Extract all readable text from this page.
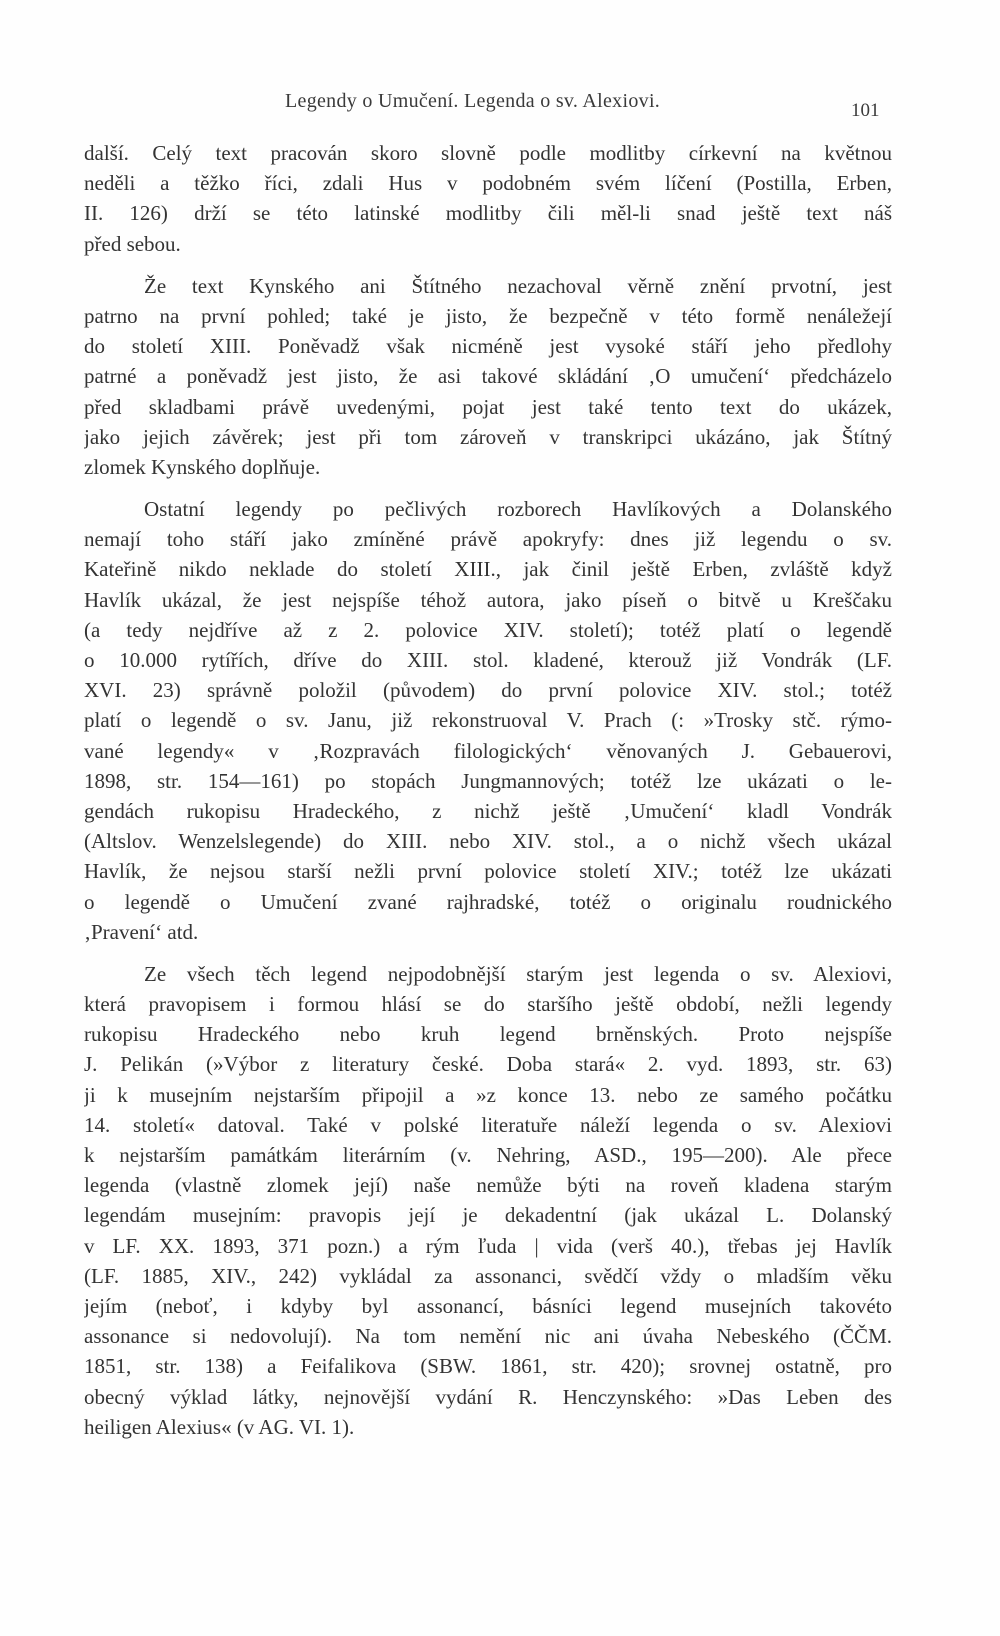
Legendy o Umučení. Legenda o sv. Alexiovi.	101
další. Celý text pracován skoro slovně podle modlitby církevní na květnou
neděli a těžko říci, zdali Hus v podobném svém líčení (Postilla, Erben,
II. 126) drží se této latinské modlitby čili měl-li snad ještě text náš
před sebou.
Že text Kynského ani Štítného nezachoval věrně znění prvotní, jest
patrno na první pohled; také je jisto, že bezpečně v této formě nenáležejí
do století XIII. Poněvadž však nicméně jest vysoké stáří jeho předlohy
patrné a poněvadž jest jisto, že asi takové skládání ‚O umučení‘ předcházelo
před skladbami právě uvedenými, pojat jest také tento text do ukázek,
jako jejich závěrek; jest při tom zároveň v transkripci ukázáno, jak Štítný
zlomek Kynského doplňuje.
Ostatní legendy po pečlivých rozborech Havlíkových a Dolanského
nemají toho stáří jako zmíněné právě apokryfy: dnes již legendu o sv.
Kateřině nikdo neklade do století XIII., jak činil ještě Erben, zvláště když
Havlík ukázal, že jest nejspíše téhož autora, jako píseň o bitvě u Kreščaku
(a tedy nejdříve až z 2. polovice XIV. století); totéž platí o legendě
o 10.000 rytířích, dříve do XIII. stol. kladené, kterouž již Vondrák (LF.
XVI. 23) správně položil (původem) do první polovice XIV. stol.; totéž
platí o legendě o sv. Janu, již rekonstruoval V. Prach (: »Trosky stč. rýmo-
vané legendy« v ‚Rozpravách filologických‘ věnovaných J. Gebauerovi,
1898, str. 154—161) po stopách Jungmannových; totéž lze ukázati o le-
gendách rukopisu Hradeckého, z nichž ještě ‚Umučení‘ kladl Vondrák
(Altslov. Wenzelslegende) do XIII. nebo XIV. stol., a o nichž všech ukázal
Havlík, že nejsou starší nežli první polovice století XIV.; totéž lze ukázati
o legendě o Umučení zvané rajhradské, totéž o originalu roudnického
‚Pravení‘ atd.
Ze všech těch legend nejpodobnější starým jest legenda o sv. Alexiovi,
která pravopisem i formou hlásí se do staršího ještě období, nežli legendy
rukopisu Hradeckého nebo kruh legend brněnských. Proto nejspíše
J. Pelikán (»Výbor z literatury české. Doba stará« 2. vyd. 1893, str. 63)
ji k musejním nejstarším připojil a »z konce 13. nebo ze samého počátku
14. století« datoval. Také v polské literatuře náleží legenda o sv. Alexiovi
k nejstarším památkám literárním (v. Nehring, ASD., 195—200). Ale přece
legenda (vlastně zlomek její) naše nemůže býti na roveň kladena starým
legendám musejním: pravopis její je dekadentní (jak ukázal L. Dolanský
v LF. XX. 1893, 371 pozn.) a rým ľuda | vida (verš 40.), třebas jej Havlík
(LF. 1885, XIV., 242) vykládal za assonanci, svědčí vždy o mladším věku
jejím (neboť, i kdyby byl assonancí, básníci legend musejních takovéto
assonance si nedovolují). Na tom nemění nic ani úvaha Nebeského (ČČM.
1851, str. 138) a Feifalikova (SBW. 1861, str. 420); srovnej ostatně, pro
obecný výklad látky, nejnovější vydání R. Henczynského: »Das Leben des
heiligen Alexius« (v AG. VI. 1).
